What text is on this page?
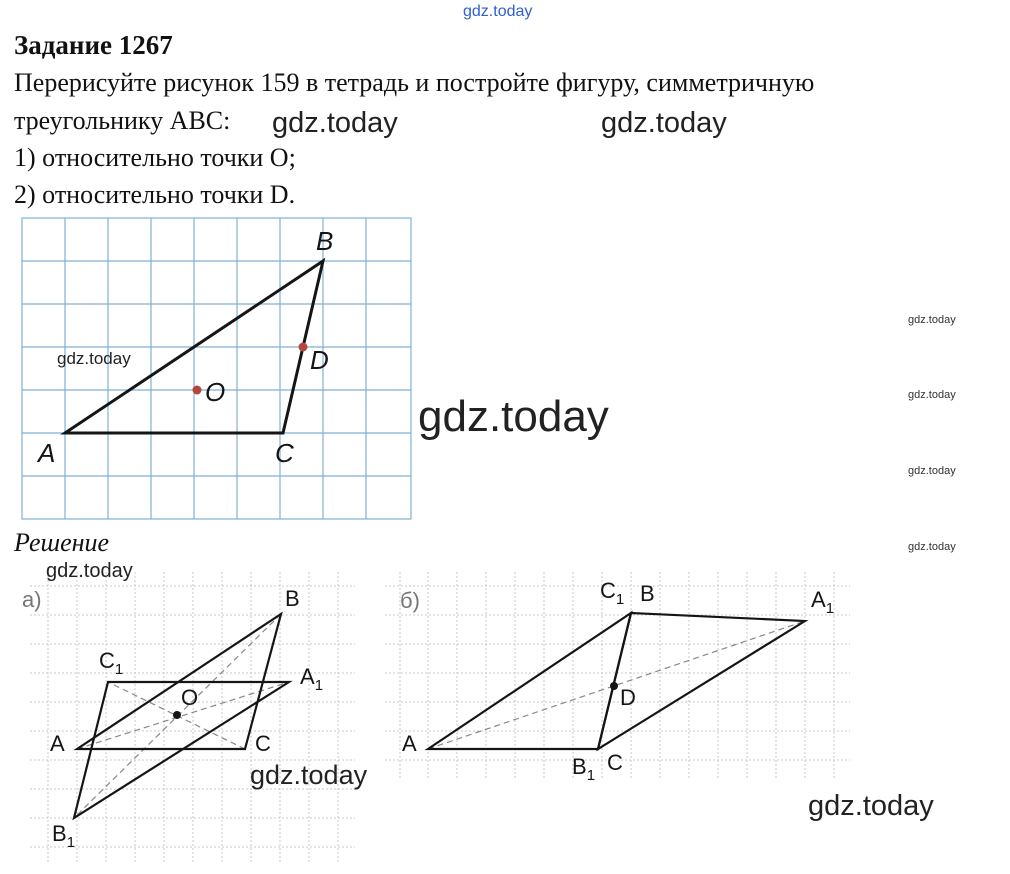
gdz.today
Задание 1267
Перерисуйте рисунок 159 в тетрадь и постройте фигуру, симметричную
треугольнику ABC:
1) относительно точки O;
2) относительно точки D.
B
D
O
A	C
Решение
а)	B
$C_1$
O
$A_1$
A	C
$B_1$
б)	$C_1$ B	$A_1$
D
A
$B_1$
C
gdz.today	gdz.today
gdz.today
gdz.today
gdz.today
gdz.today
gdz.today
gdz.today
gdz.today
gdz.today
gdz.today
